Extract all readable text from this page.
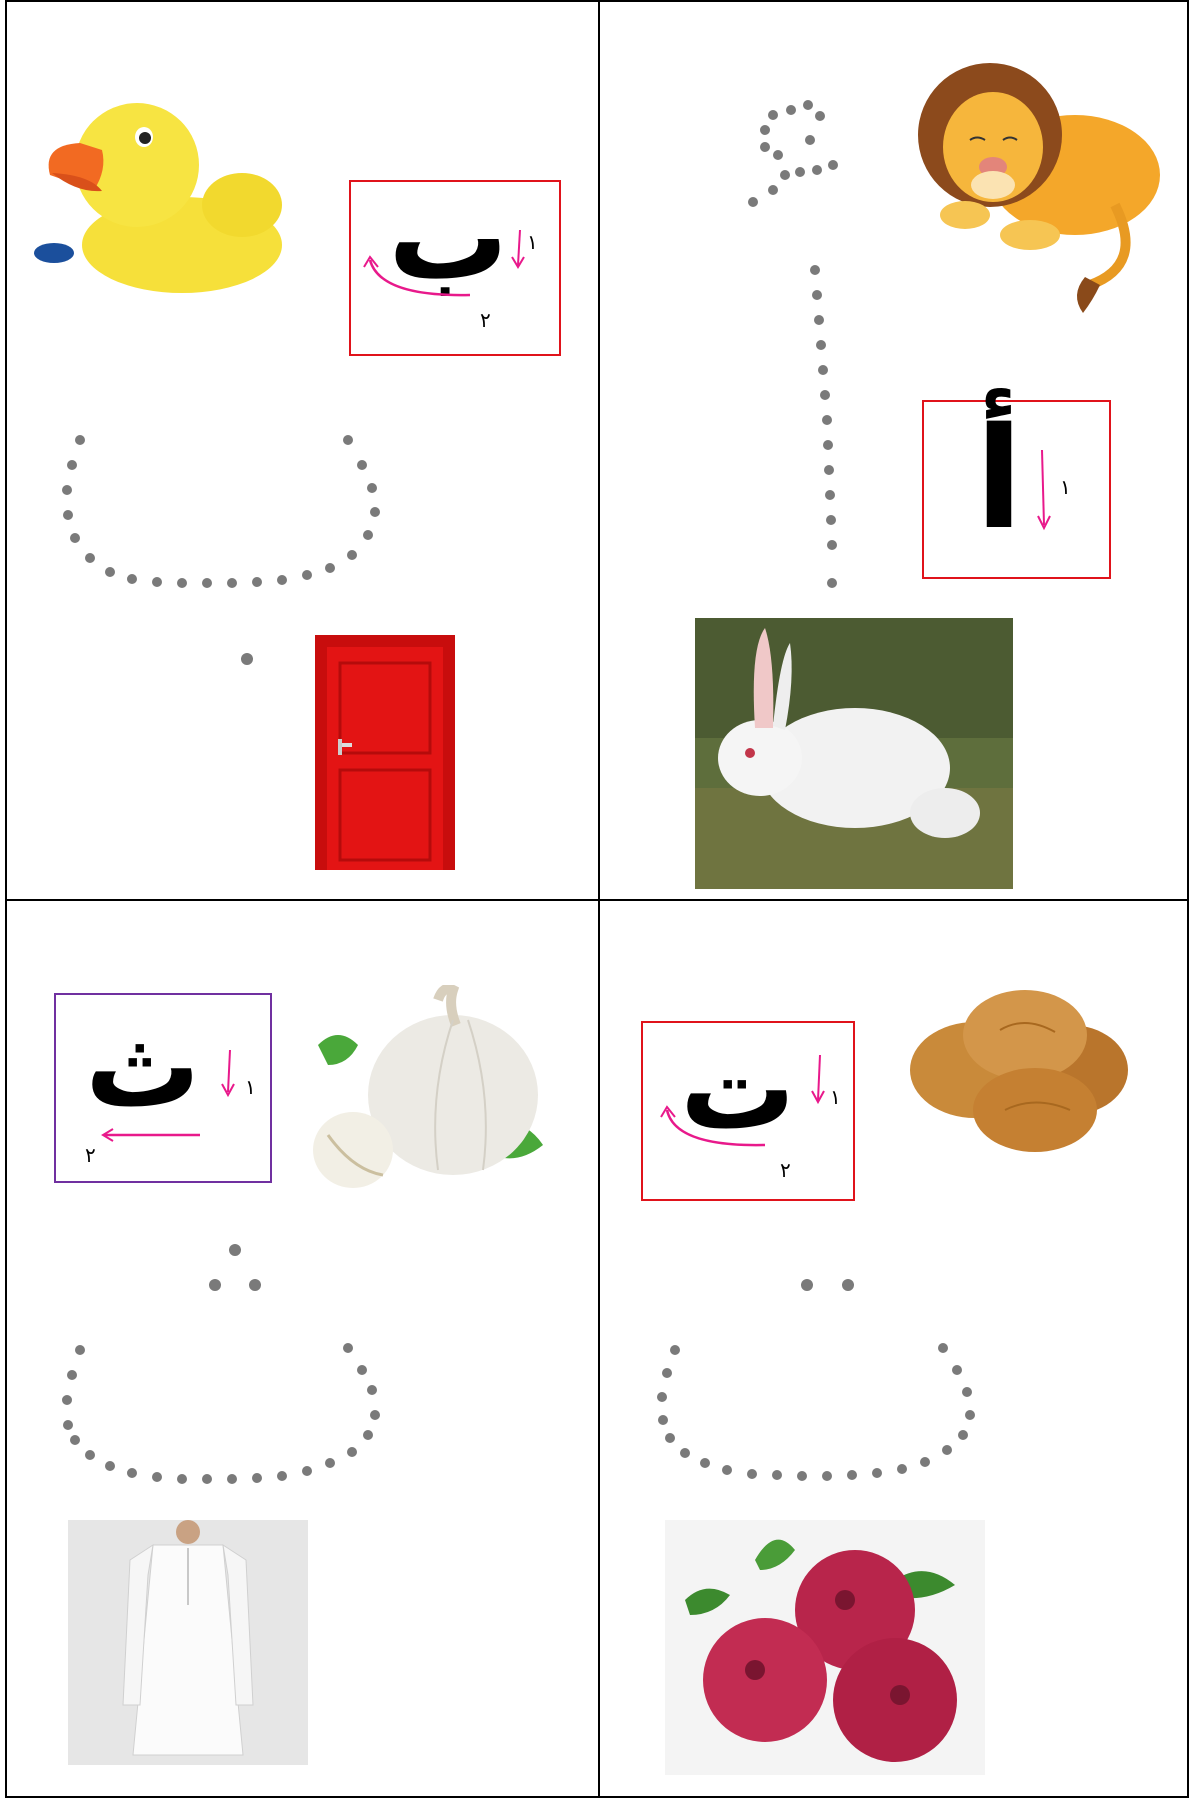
ب ١
٢
أ ١
ث ١
٢	ت ١
٢
